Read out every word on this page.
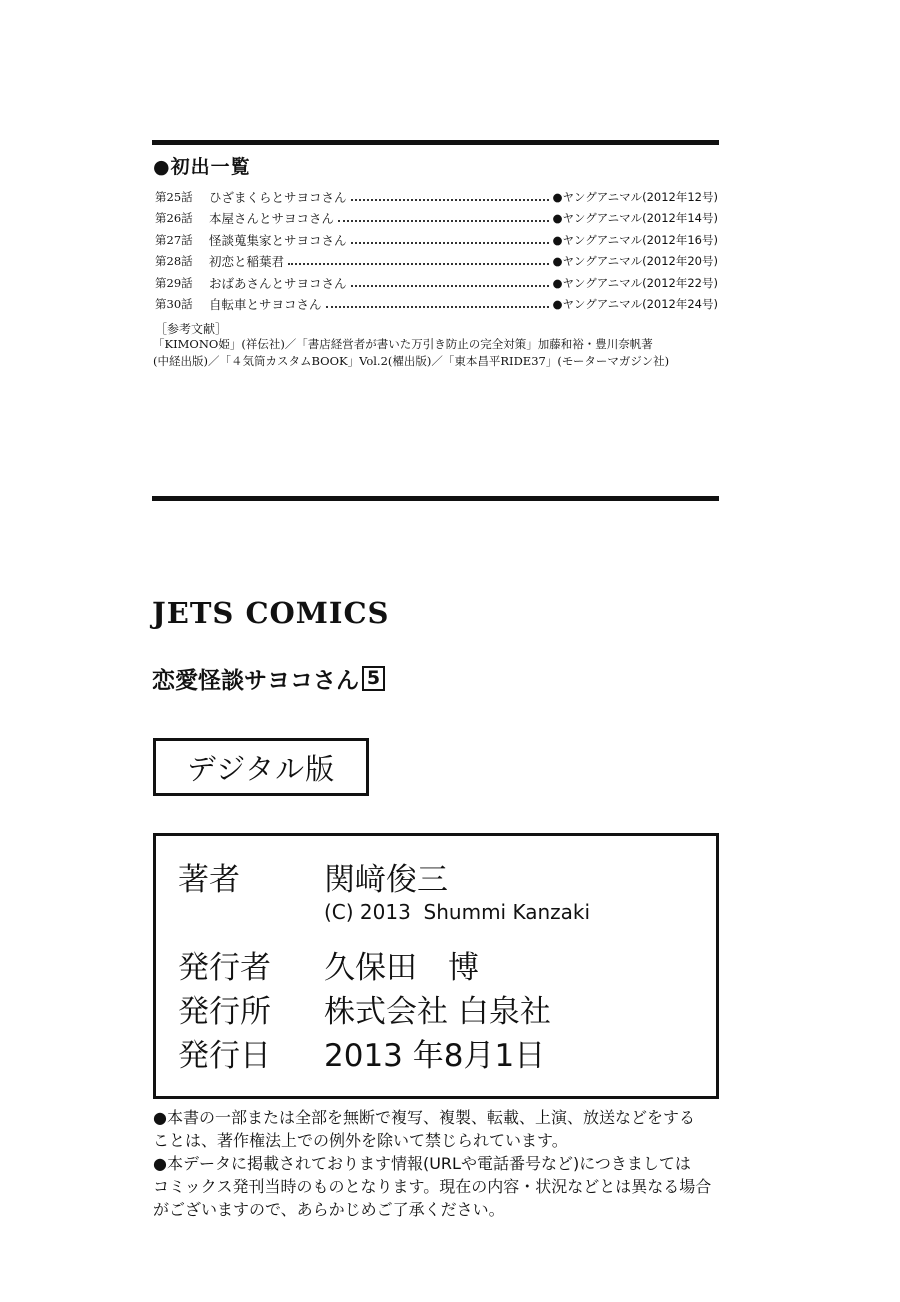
●初出一覧
第25話	ひざまくらとサヨコさん	●ヤングアニマル(2012年12号)
第26話	本屋さんとサヨコさん	●ヤングアニマル(2012年14号)
第27話	怪談蒐集家とサヨコさん	●ヤングアニマル(2012年16号)
第28話	初恋と稲葉君	●ヤングアニマル(2012年20号)
第29話	おばあさんとサヨコさん	●ヤングアニマル(2012年22号)
第30話	自転車とサヨコさん	●ヤングアニマル(2012年24号)
［参考文献］
「KIMONO姫」(祥伝社)／「書店経営者が書いた万引き防止の完全対策」加藤和裕・豊川奈帆著
(中経出版)／「４気筒カスタムBOOK」Vol.2(櫂出版)／「東本昌平RIDE37」(モーターマガジン社)
JETS COMICS
恋愛怪談サヨコさん 5
デジタル版
著者	関﨑俊三
(C) 2013  Shummi Kanzaki
発行者 久保田　博
発行所 株式会社 白泉社
発行日 2013 年8月1日
●本書の一部または全部を無断で複写、複製、転載、上演、放送などをする
ことは、著作権法上での例外を除いて禁じられています。
●本データに掲載されております情報(URLや電話番号など)につきましては
コミックス発刊当時のものとなります。現在の内容・状況などとは異なる場合
がございますので、あらかじめご了承ください。
